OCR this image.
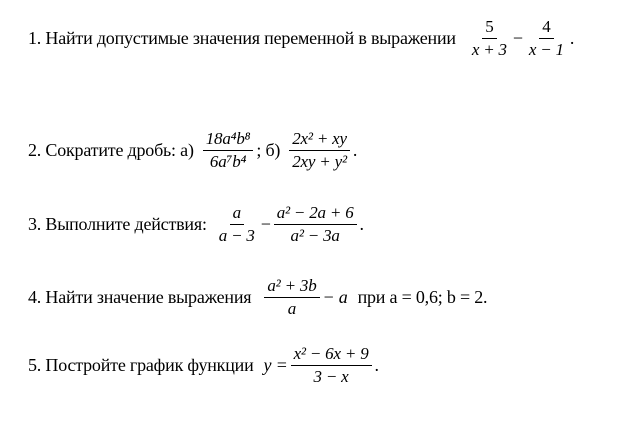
1. Найти допустимые значения переменной в выражении $\frac{5}{x + 3} - \frac{4}{x - 1}$ .
2. Сократите дробь: $а) \frac{\text{18a⁴b⁸}}{\text{6a⁷b⁴}}$ ; $б) \frac{\text{2x² + xy}}{\text{2xy + y²}}$ .
3. Выполните действия: $\frac{a}{a - 3} - \frac{\text{a² − 2a + 6}}{\text{a² − 3a}}$ .
4. Найти значение выражения $\frac{\text{a² + 3b}}{a} - a$ при a = 0,6; b = 2.
5. Постройте график функции $y = \frac{\text{x² − 6x + 9}}{3 - x}$ .
